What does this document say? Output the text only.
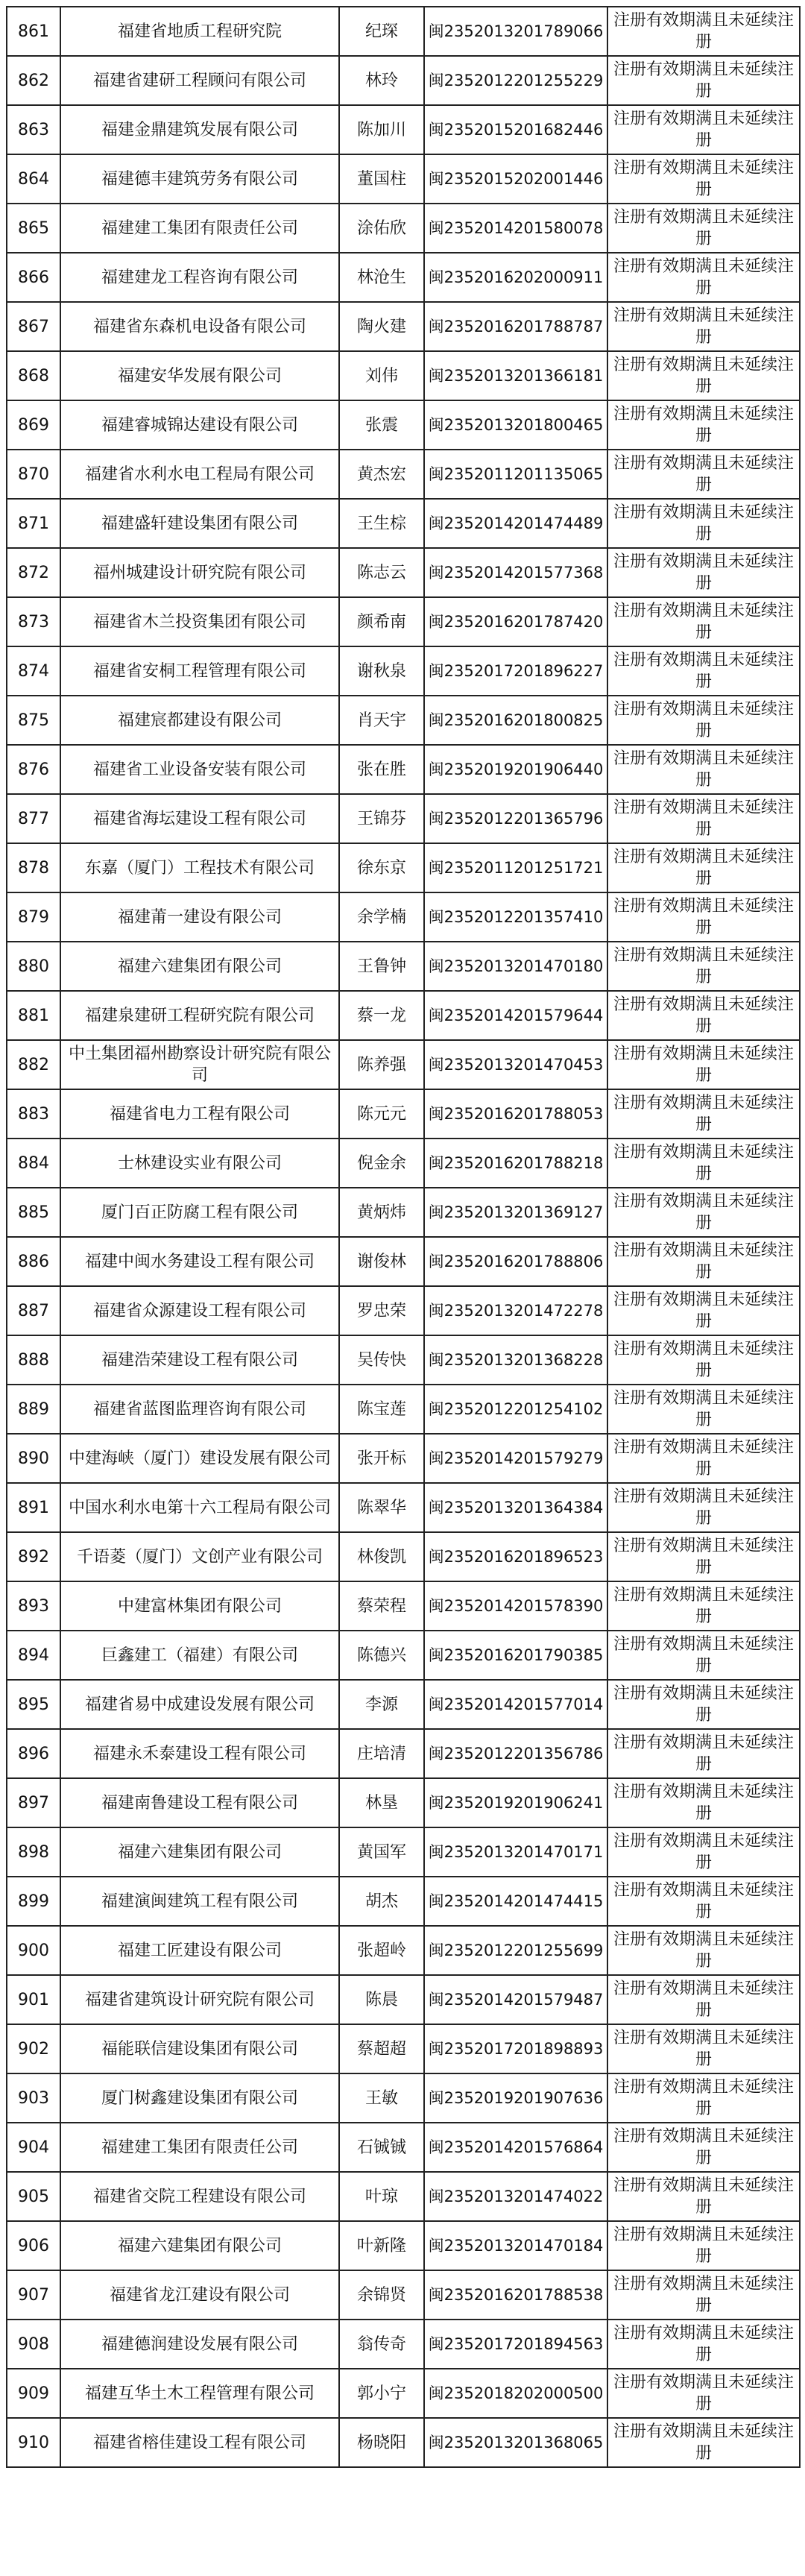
861	福建省地质工程研究院	纪琛	闽2352013201789066	注册有效期满且未延续注册
862	福建省建研工程顾问有限公司	林玲	闽2352012201255229	注册有效期满且未延续注册
863	福建金鼎建筑发展有限公司	陈加川	闽2352015201682446	注册有效期满且未延续注册
864	福建德丰建筑劳务有限公司	董国柱	闽2352015202001446	注册有效期满且未延续注册
865	福建建工集团有限责任公司	涂佑欣	闽2352014201580078	注册有效期满且未延续注册
866	福建建龙工程咨询有限公司	林沧生	闽2352016202000911	注册有效期满且未延续注册
867	福建省东森机电设备有限公司	陶火建	闽2352016201788787	注册有效期满且未延续注册
868	福建安华发展有限公司	刘伟	闽2352013201366181	注册有效期满且未延续注册
869	福建睿城锦达建设有限公司	张震	闽2352013201800465	注册有效期满且未延续注册
870	福建省水利水电工程局有限公司	黄杰宏	闽2352011201135065	注册有效期满且未延续注册
871	福建盛轩建设集团有限公司	王生棕	闽2352014201474489	注册有效期满且未延续注册
872	福州城建设计研究院有限公司	陈志云	闽2352014201577368	注册有效期满且未延续注册
873	福建省木兰投资集团有限公司	颜希南	闽2352016201787420	注册有效期满且未延续注册
874	福建省安桐工程管理有限公司	谢秋泉	闽2352017201896227	注册有效期满且未延续注册
875	福建宸都建设有限公司	肖天宇	闽2352016201800825	注册有效期满且未延续注册
876	福建省工业设备安装有限公司	张在胜	闽2352019201906440	注册有效期满且未延续注册
877	福建省海坛建设工程有限公司	王锦芬	闽2352012201365796	注册有效期满且未延续注册
878	东嘉（厦门）工程技术有限公司	徐东京	闽2352011201251721	注册有效期满且未延续注册
879	福建莆一建设有限公司	余学楠	闽2352012201357410	注册有效期满且未延续注册
880	福建六建集团有限公司	王鲁钟	闽2352013201470180	注册有效期满且未延续注册
881	福建泉建研工程研究院有限公司	蔡一龙	闽2352014201579644	注册有效期满且未延续注册
882	中土集团福州勘察设计研究院有限公司	陈养强	闽2352013201470453	注册有效期满且未延续注册
883	福建省电力工程有限公司	陈元元	闽2352016201788053	注册有效期满且未延续注册
884	士林建设实业有限公司	倪金余	闽2352016201788218	注册有效期满且未延续注册
885	厦门百正防腐工程有限公司	黄炳炜	闽2352013201369127	注册有效期满且未延续注册
886	福建中闽水务建设工程有限公司	谢俊林	闽2352016201788806	注册有效期满且未延续注册
887	福建省众源建设工程有限公司	罗忠荣	闽2352013201472278	注册有效期满且未延续注册
888	福建浩荣建设工程有限公司	吴传快	闽2352013201368228	注册有效期满且未延续注册
889	福建省蓝图监理咨询有限公司	陈宝莲	闽2352012201254102	注册有效期满且未延续注册
890	中建海峡（厦门）建设发展有限公司	张开标	闽2352014201579279	注册有效期满且未延续注册
891	中国水利水电第十六工程局有限公司	陈翠华	闽2352013201364384	注册有效期满且未延续注册
892	千语菱（厦门）文创产业有限公司	林俊凯	闽2352016201896523	注册有效期满且未延续注册
893	中建富林集团有限公司	蔡荣程	闽2352014201578390	注册有效期满且未延续注册
894	巨鑫建工（福建）有限公司	陈德兴	闽2352016201790385	注册有效期满且未延续注册
895	福建省易中成建设发展有限公司	李源	闽2352014201577014	注册有效期满且未延续注册
896	福建永禾泰建设工程有限公司	庄培清	闽2352012201356786	注册有效期满且未延续注册
897	福建南鲁建设工程有限公司	林垦	闽2352019201906241	注册有效期满且未延续注册
898	福建六建集团有限公司	黄国军	闽2352013201470171	注册有效期满且未延续注册
899	福建演闽建筑工程有限公司	胡杰	闽2352014201474415	注册有效期满且未延续注册
900	福建工匠建设有限公司	张超岭	闽2352012201255699	注册有效期满且未延续注册
901	福建省建筑设计研究院有限公司	陈晨	闽2352014201579487	注册有效期满且未延续注册
902	福能联信建设集团有限公司	蔡超超	闽2352017201898893	注册有效期满且未延续注册
903	厦门树鑫建设集团有限公司	王敏	闽2352019201907636	注册有效期满且未延续注册
904	福建建工集团有限责任公司	石铖铖	闽2352014201576864	注册有效期满且未延续注册
905	福建省交院工程建设有限公司	叶琼	闽2352013201474022	注册有效期满且未延续注册
906	福建六建集团有限公司	叶新隆	闽2352013201470184	注册有效期满且未延续注册
907	福建省龙江建设有限公司	余锦贤	闽2352016201788538	注册有效期满且未延续注册
908	福建德润建设发展有限公司	翁传奇	闽2352017201894563	注册有效期满且未延续注册
909	福建互华土木工程管理有限公司	郭小宁	闽2352018202000500	注册有效期满且未延续注册
910	福建省榕佳建设工程有限公司	杨晓阳	闽2352013201368065	注册有效期满且未延续注册
